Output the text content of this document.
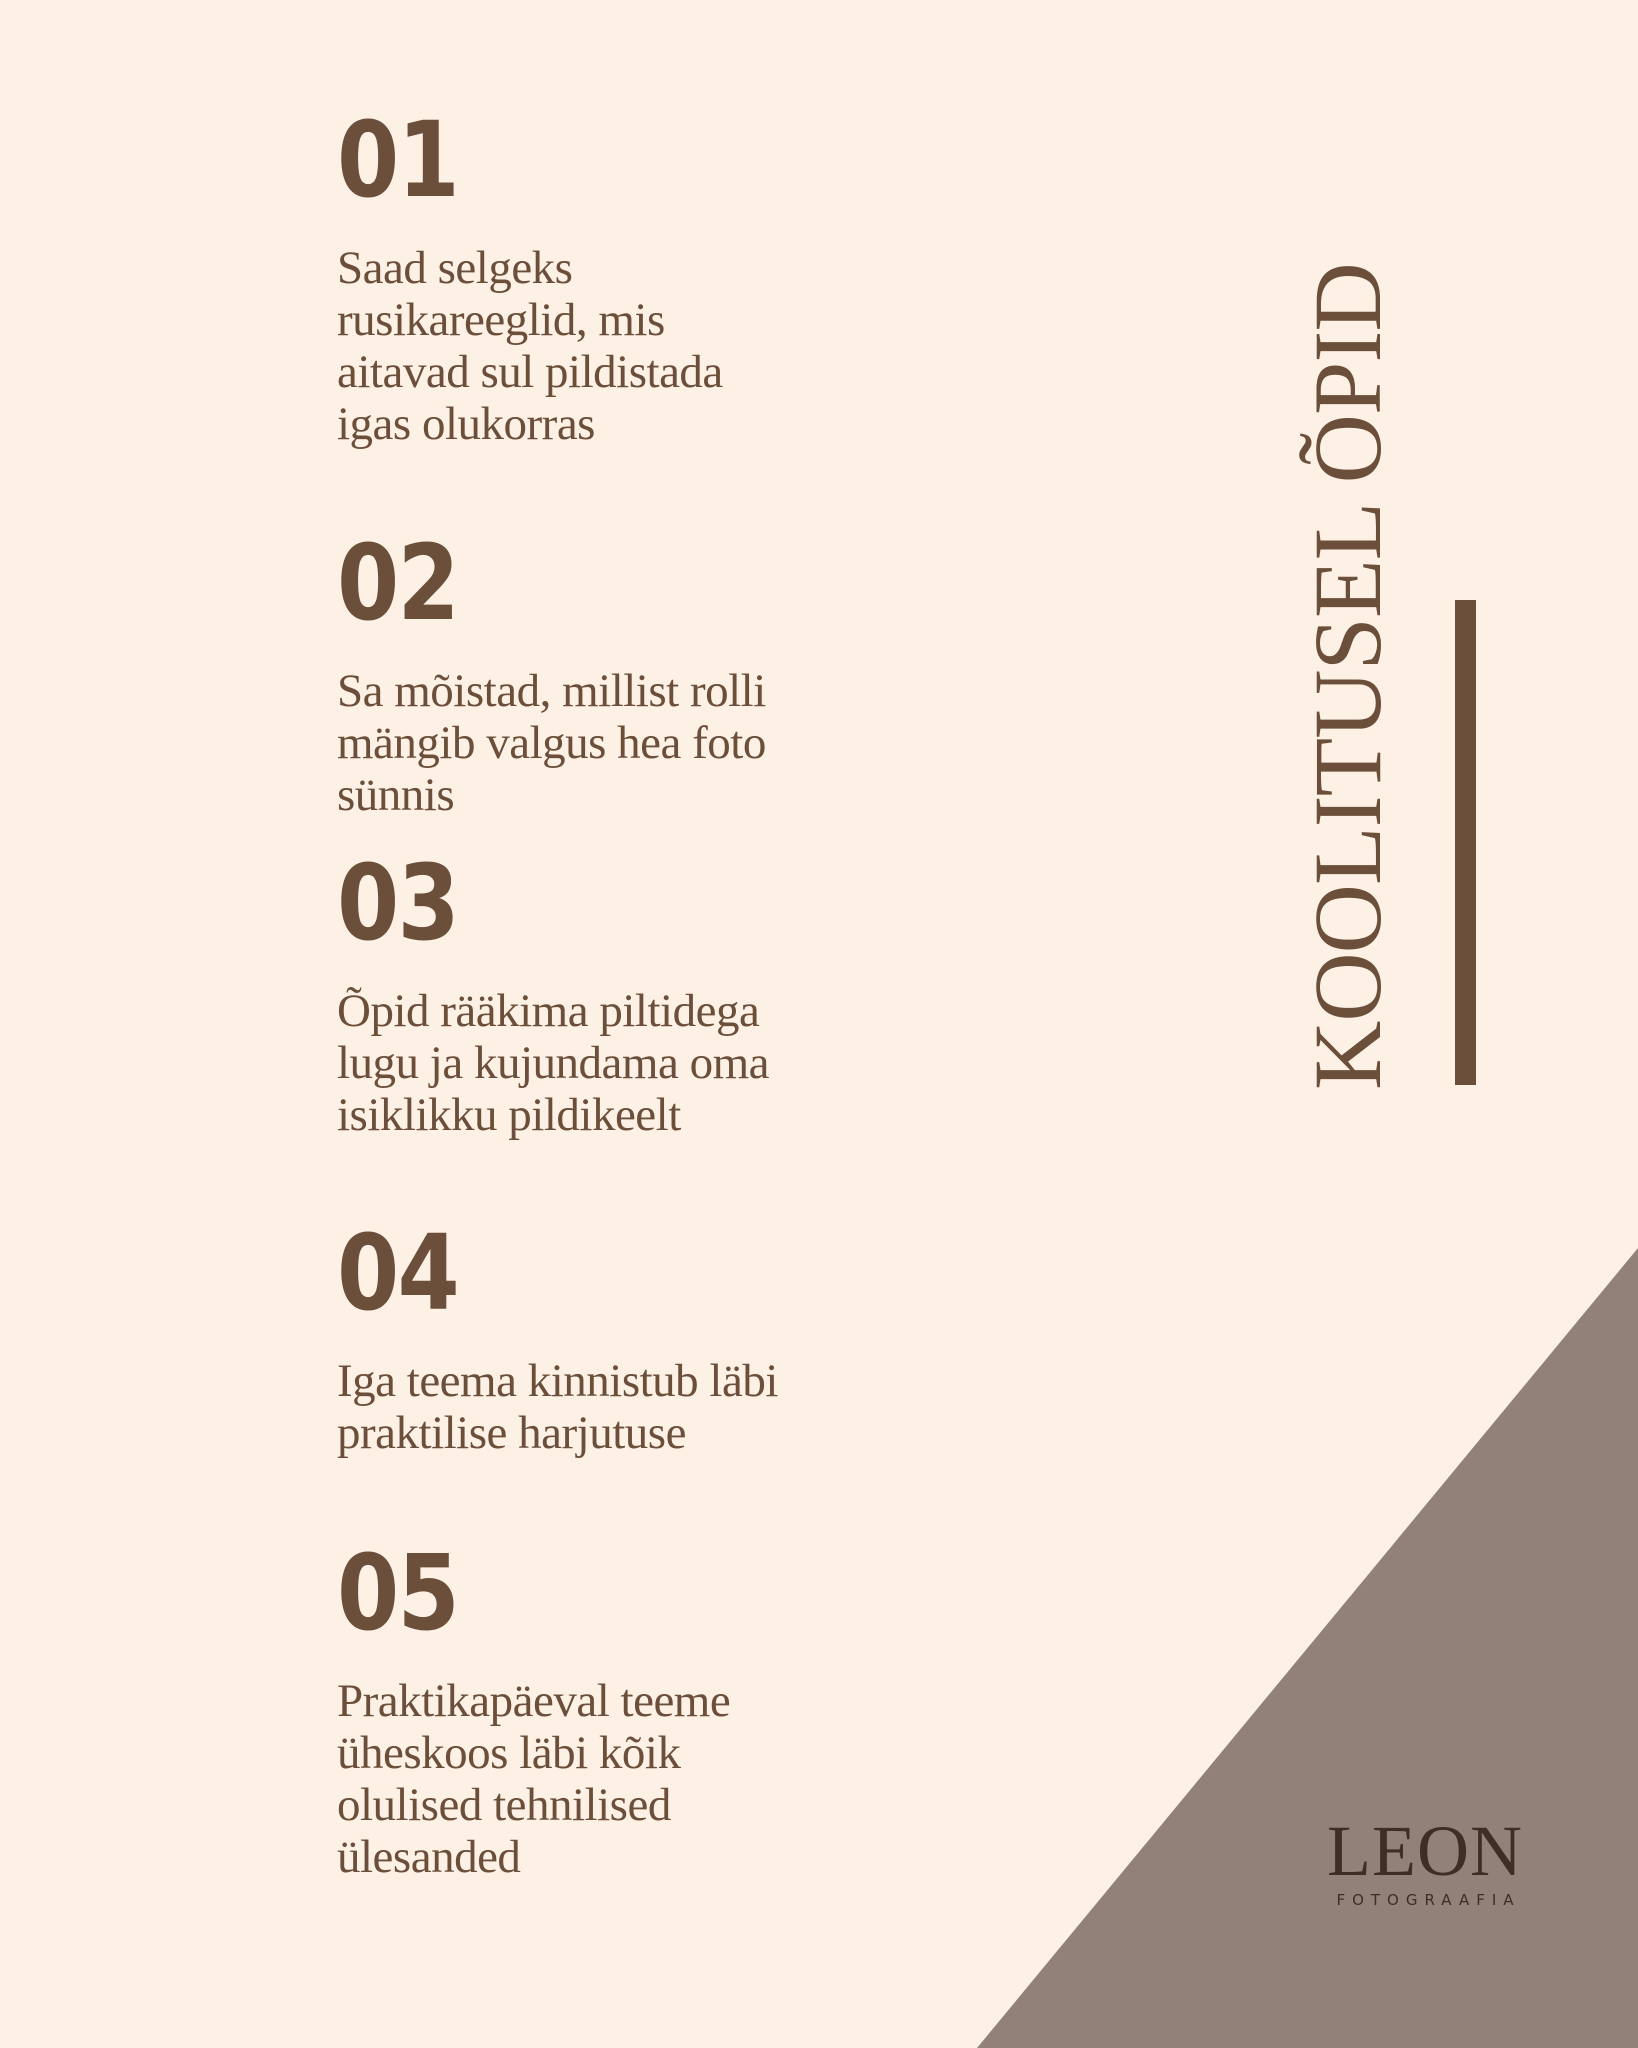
01
Saad selgeks
rusikareeglid, mis
aitavad sul pildistada
igas olukorras
02
Sa mõistad, millist rolli
mängib valgus hea foto
sünnis
03
Õpid rääkima piltidega
lugu ja kujundama oma
isiklikku pildikeelt
04
Iga teema kinnistub läbi
praktilise harjutuse
05
Praktikapäeval teeme
üheskoos läbi kõik
olulised tehnilised
ülesanded
KOOLITUSEL ÕPID
LEON
FOTOGRAAFIA
